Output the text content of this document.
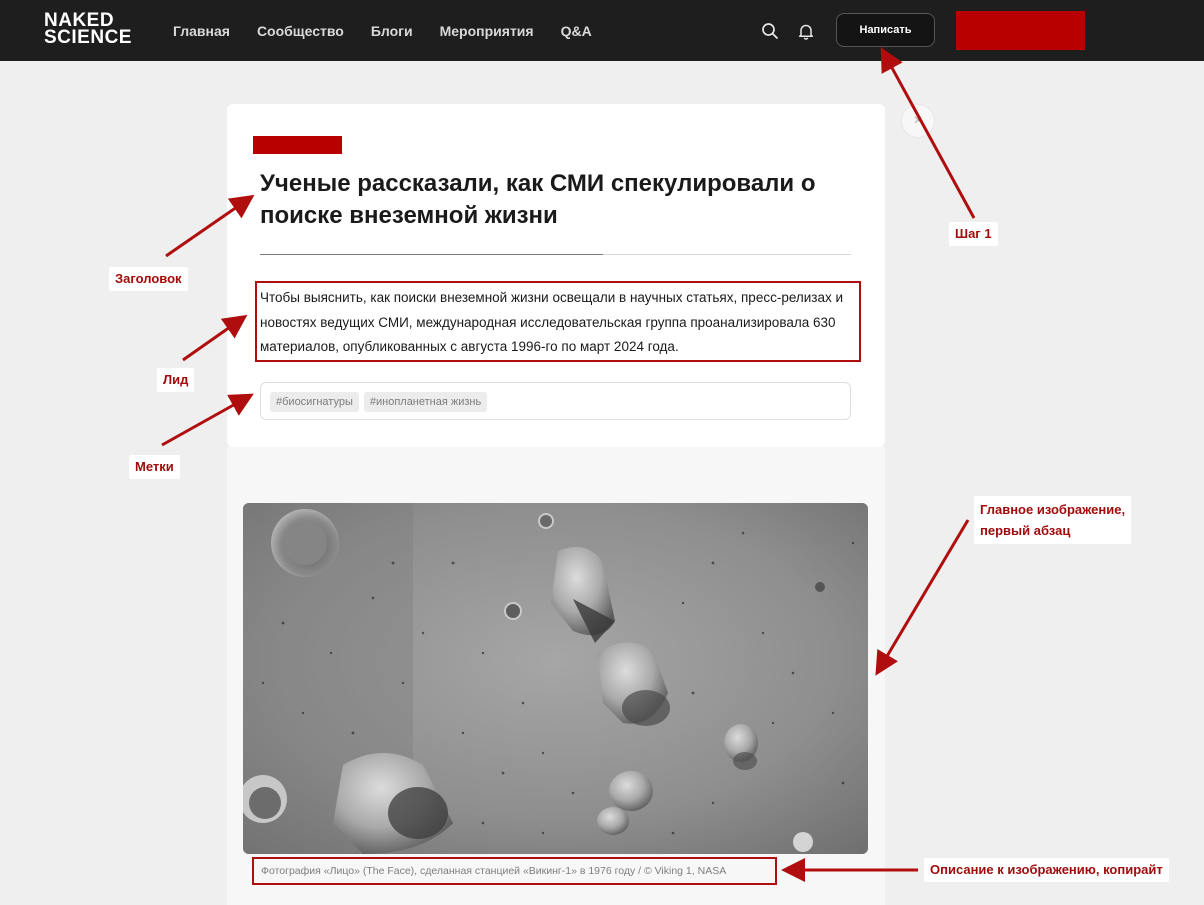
NAKED
SCIENCE	Главная Сообщество Блоги Мероприятия Q&A	Написать
×
Ученые рассказали, как СМИ спекулировали о поиске внеземной жизни
Чтобы выяснить, как поиски внеземной жизни освещали в научных статьях, пресс-релизах и новостях ведущих СМИ, международная исследовательская группа проанализировала 630 материалов, опубликованных с августа 1996-го по март 2024 года.
#биосигнатуры	#инопланетная жизнь
Фотография «Лицо» (The Face), сделанная станцией «Викинг-1» в 1976 году / © Viking 1, NASA
Шаг 1
Заголовок
Лид
Метки
Главное изображение,
первый абзац
Описание к изображению, копирайт
